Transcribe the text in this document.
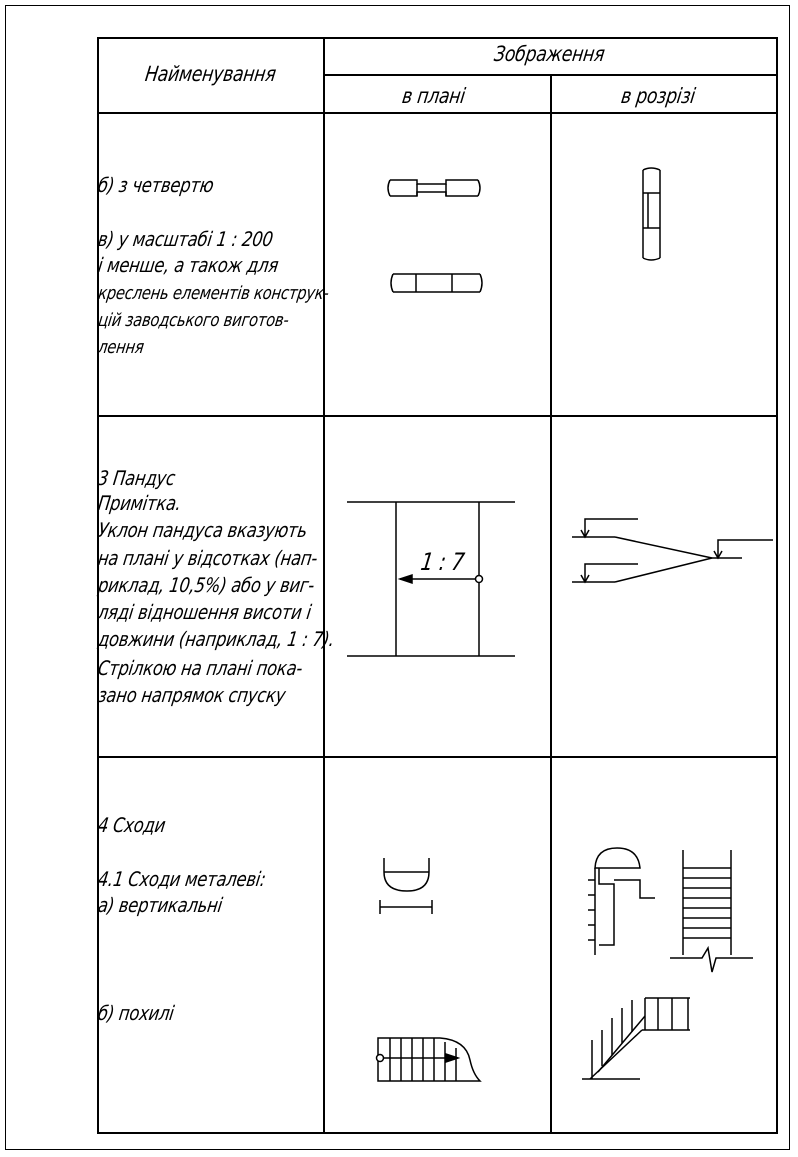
Найменування
Зображення
в плані	в розрізі
б) з четвертю
в) у масштабі 1 : 200
і менше, а також для
креслень елементів конструк-
цій заводського виготов-
лення
3 Пандус
Примітка.
Уклон пандуса вказують
на плані у відсотках (нап-
риклад, 10,5%) або у виг-
ляді відношення висоти і
довжини (наприклад, 1 : 7).
Стрілкою на плані пока-
зано напрямок спуску
4 Сходи
4.1 Сходи металеві:
а) вертикальні
б) похилі
1 : 7
